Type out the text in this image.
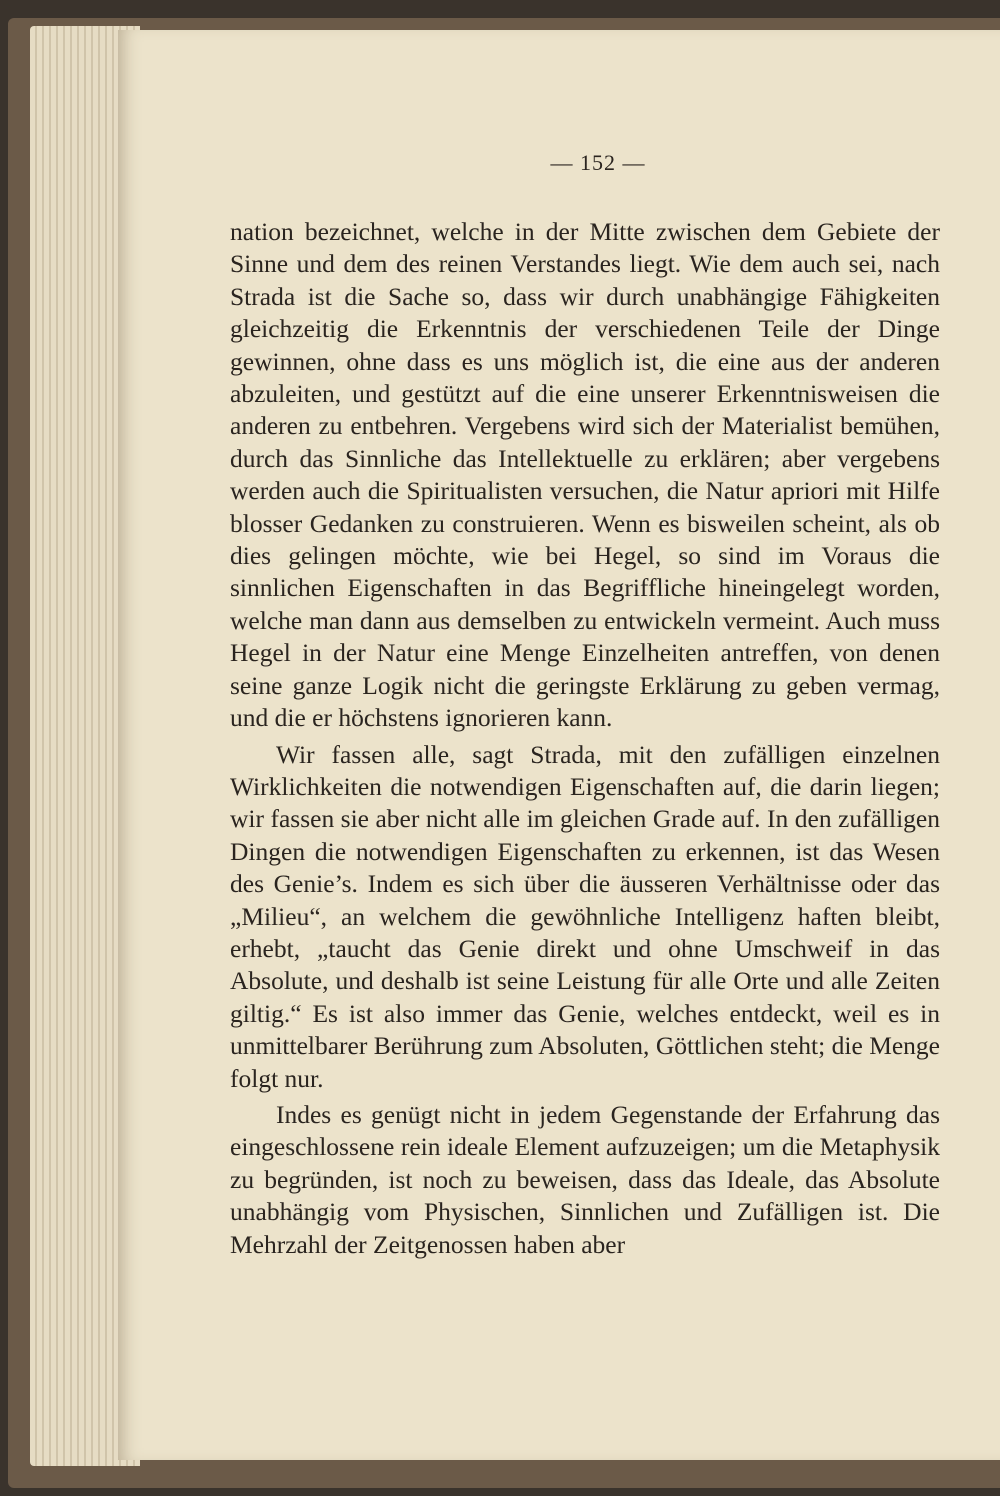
— 152 —

nation bezeichnet, welche in der Mitte zwischen dem Gebiete der Sinne und dem des reinen Verstandes liegt. Wie dem auch sei, nach Strada ist die Sache so, dass wir durch unabhängige Fähigkeiten gleichzeitig die Erkenntnis der verschiedenen Teile der Dinge gewinnen, ohne dass es uns möglich ist, die eine aus der anderen abzuleiten, und gestützt auf die eine unserer Erkenntnisweisen die anderen zu entbehren. Vergebens wird sich der Materialist bemühen, durch das Sinnliche das Intellektuelle zu erklären; aber vergebens werden auch die Spiritualisten versuchen, die Natur apriori mit Hilfe blosser Gedanken zu construieren. Wenn es bisweilen scheint, als ob dies gelingen möchte, wie bei Hegel, so sind im Voraus die sinnlichen Eigenschaften in das Begriffliche hineingelegt worden, welche man dann aus demselben zu entwickeln vermeint. Auch muss Hegel in der Natur eine Menge Einzelheiten antreffen, von denen seine ganze Logik nicht die geringste Erklärung zu geben vermag, und die er höchstens ignorieren kann.

Wir fassen alle, sagt Strada, mit den zufälligen einzelnen Wirklichkeiten die notwendigen Eigenschaften auf, die darin liegen; wir fassen sie aber nicht alle im gleichen Grade auf. In den zufälligen Dingen die notwendigen Eigenschaften zu erkennen, ist das Wesen des Genie’s. Indem es sich über die äusseren Verhältnisse oder das „Milieu“, an welchem die gewöhnliche Intelligenz haften bleibt, erhebt, „taucht das Genie direkt und ohne Umschweif in das Absolute, und deshalb ist seine Leistung für alle Orte und alle Zeiten giltig.“ Es ist also immer das Genie, welches entdeckt, weil es in unmittelbarer Berührung zum Absoluten, Göttlichen steht; die Menge folgt nur.

Indes es genügt nicht in jedem Gegenstande der Erfahrung das eingeschlossene rein ideale Element aufzuzeigen; um die Metaphysik zu begründen, ist noch zu beweisen, dass das Ideale, das Absolute unabhängig vom Physischen, Sinnlichen und Zufälligen ist. Die Mehrzahl der Zeitgenossen haben aber
